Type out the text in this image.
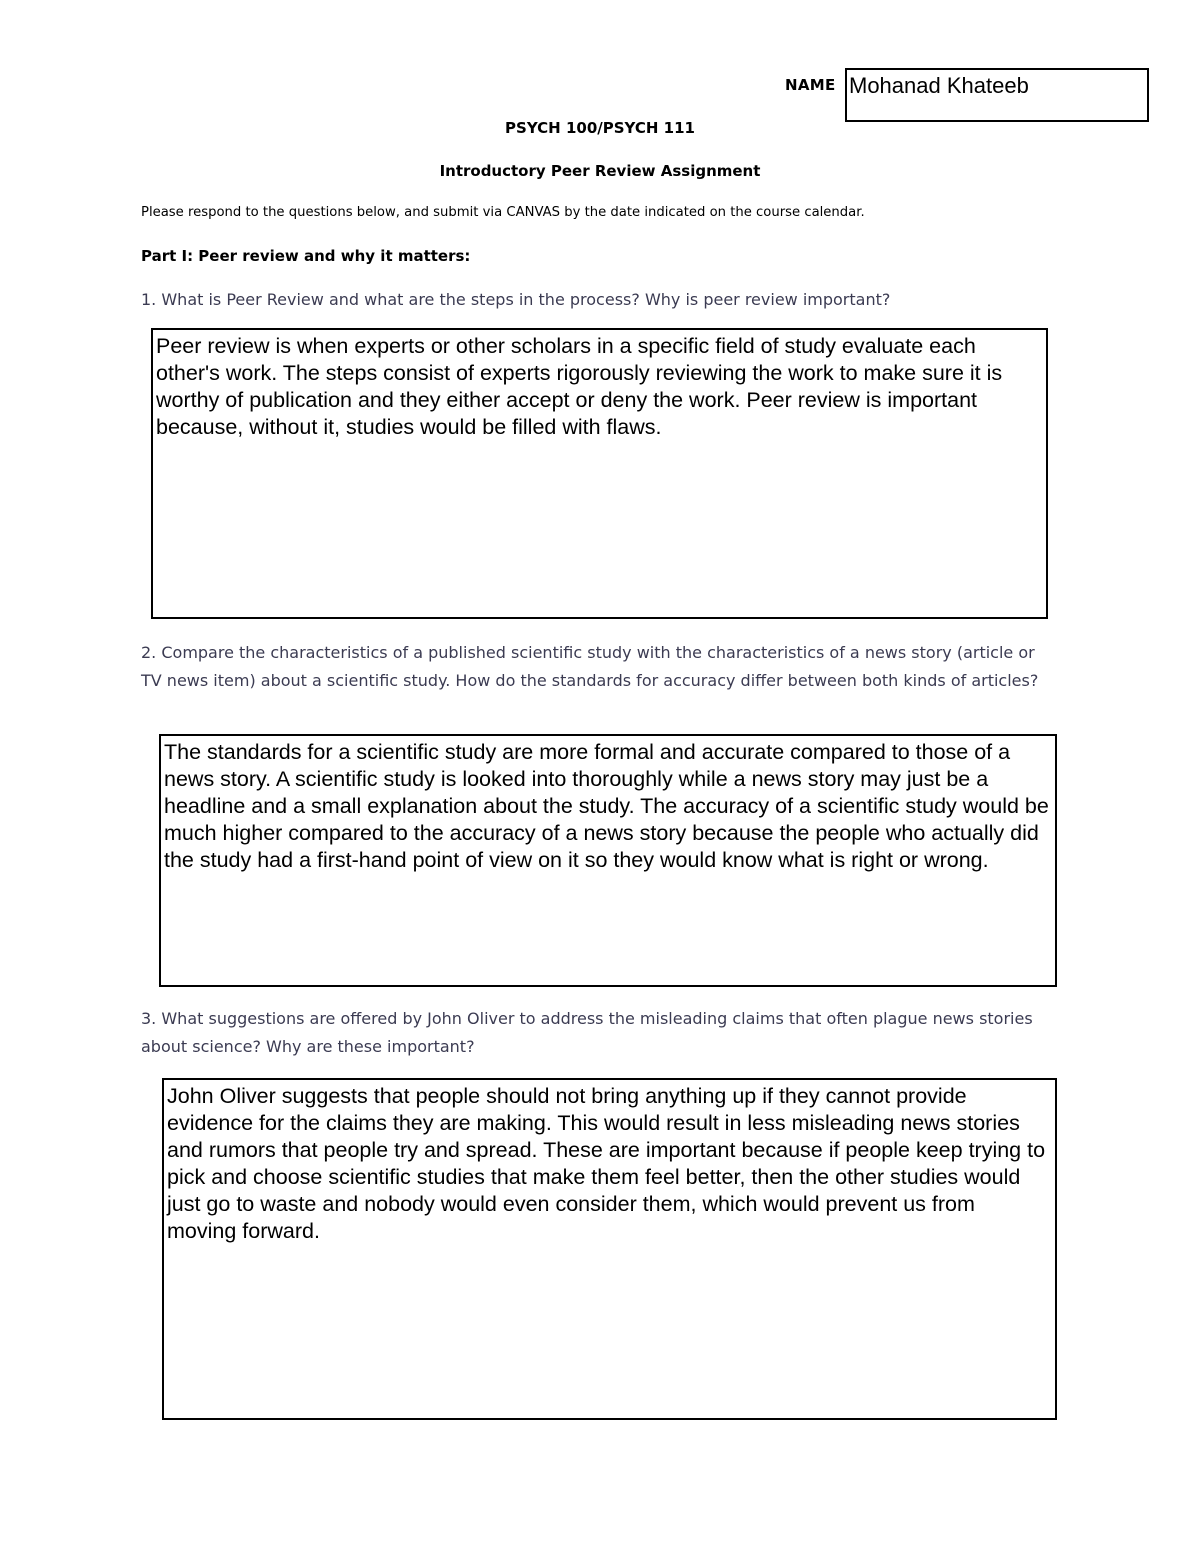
NAME Mohanad Khateeb
PSYCH 100/PSYCH 111
Introductory Peer Review Assignment
Please respond to the questions below, and submit via CANVAS by the date indicated on the course calendar.
Part I: Peer review and why it matters:
1. What is Peer Review and what are the steps in the process? Why is peer review important?
Peer review is when experts or other scholars in a specific field of study evaluate each other's work. The steps consist of experts rigorously reviewing the work to make sure it is worthy of publication and they either accept or deny the work. Peer review is important because, without it, studies would be filled with flaws.
2. Compare the characteristics of a published scientific study with the characteristics of a news story (article or TV news item) about a scientific study. How do the standards for accuracy differ between both kinds of articles?
The standards for a scientific study are more formal and accurate compared to those of a news story. A scientific study is looked into thoroughly while a news story may just be a headline and a small explanation about the study. The accuracy of a scientific study would be much higher compared to the accuracy of a news story because the people who actually did the study had a first-hand point of view on it so they would know what is right or wrong.
3. What suggestions are offered by John Oliver to address the misleading claims that often plague news stories about science? Why are these important?
John Oliver suggests that people should not bring anything up if they cannot provide evidence for the claims they are making. This would result in less misleading news stories and rumors that people try and spread. These are important because if people keep trying to pick and choose scientific studies that make them feel better, then the other studies would just go to waste and nobody would even consider them, which would prevent us from moving forward.
